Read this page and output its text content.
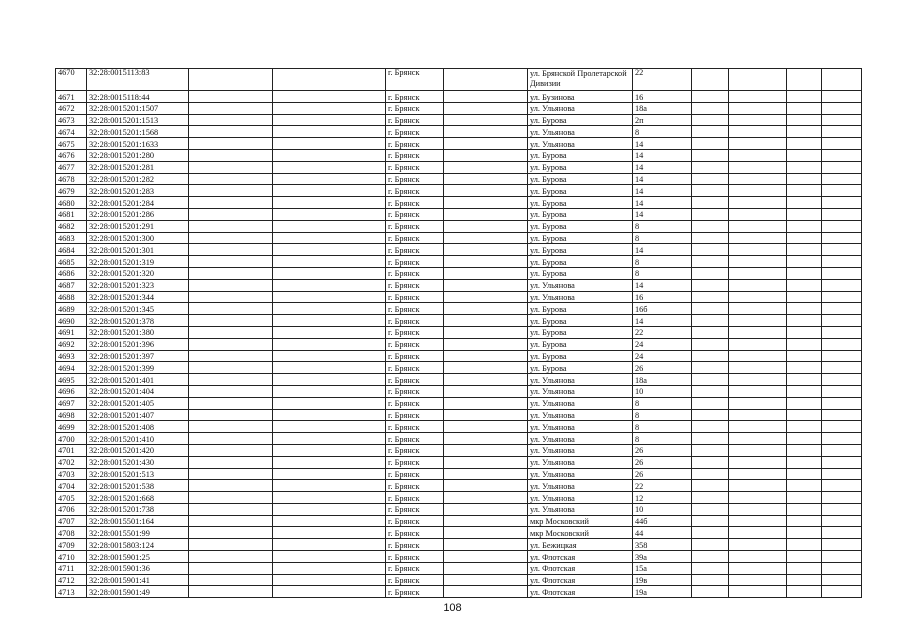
4670	32:28:0015113:83			г. Брянск		ул. Брянской Пролетарской Дивизии	22				
4671	32:28:0015118:44			г. Брянск		ул. Бузинова	16				
4672	32:28:0015201:1507			г. Брянск		ул. Ульянова	18а				
4673	32:28:0015201:1513			г. Брянск		ул. Бурова	2п				
4674	32:28:0015201:1568			г. Брянск		ул. Ульянова	8				
4675	32:28:0015201:1633			г. Брянск		ул. Ульянова	14				
4676	32:28:0015201:280			г. Брянск		ул. Бурова	14				
4677	32:28:0015201:281			г. Брянск		ул. Бурова	14				
4678	32:28:0015201:282			г. Брянск		ул. Бурова	14				
4679	32:28:0015201:283			г. Брянск		ул. Бурова	14				
4680	32:28:0015201:284			г. Брянск		ул. Бурова	14				
4681	32:28:0015201:286			г. Брянск		ул. Бурова	14				
4682	32:28:0015201:291			г. Брянск		ул. Бурова	8				
4683	32:28:0015201:300			г. Брянск		ул. Бурова	8				
4684	32:28:0015201:301			г. Брянск		ул. Бурова	14				
4685	32:28:0015201:319			г. Брянск		ул. Бурова	8				
4686	32:28:0015201:320			г. Брянск		ул. Бурова	8				
4687	32:28:0015201:323			г. Брянск		ул. Ульянова	14				
4688	32:28:0015201:344			г. Брянск		ул. Ульянова	16				
4689	32:28:0015201:345			г. Брянск		ул. Бурова	16б				
4690	32:28:0015201:378			г. Брянск		ул. Бурова	14				
4691	32:28:0015201:380			г. Брянск		ул. Бурова	22				
4692	32:28:0015201:396			г. Брянск		ул. Бурова	24				
4693	32:28:0015201:397			г. Брянск		ул. Бурова	24				
4694	32:28:0015201:399			г. Брянск		ул. Бурова	26				
4695	32:28:0015201:401			г. Брянск		ул. Ульянова	18а				
4696	32:28:0015201:404			г. Брянск		ул. Ульянова	10				
4697	32:28:0015201:405			г. Брянск		ул. Ульянова	8				
4698	32:28:0015201:407			г. Брянск		ул. Ульянова	8				
4699	32:28:0015201:408			г. Брянск		ул. Ульянова	8				
4700	32:28:0015201:410			г. Брянск		ул. Ульянова	8				
4701	32:28:0015201:420			г. Брянск		ул. Ульянова	26				
4702	32:28:0015201:430			г. Брянск		ул. Ульянова	26				
4703	32:28:0015201:513			г. Брянск		ул. Ульянова	26				
4704	32:28:0015201:538			г. Брянск		ул. Ульянова	22				
4705	32:28:0015201:668			г. Брянск		ул. Ульянова	12				
4706	32:28:0015201:738			г. Брянск		ул. Ульянова	10				
4707	32:28:0015501:164			г. Брянск		мкр Московский	44б				
4708	32:28:0015501:99			г. Брянск		мкр Московский	44				
4709	32:28:0015803:124			г. Брянск		ул. Бежицкая	358				
4710	32:28:0015901:25			г. Брянск		ул. Флотская	39а				
4711	32:28:0015901:36			г. Брянск		ул. Флотская	15а				
4712	32:28:0015901:41			г. Брянск		ул. Флотская	19в				
4713	32:28:0015901:49			г. Брянск		ул. Флотская	19а				
108
